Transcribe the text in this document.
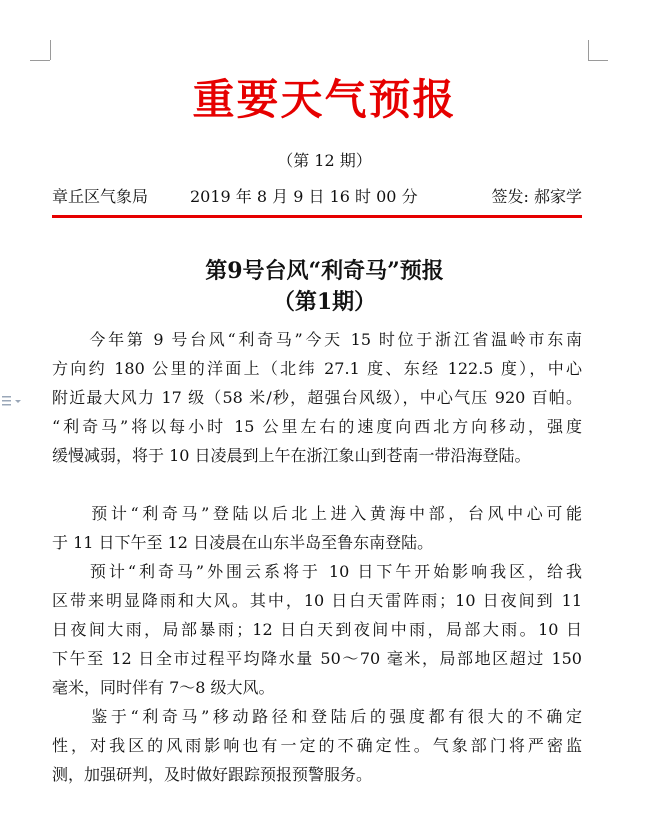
重要天气预报
（第 12 期）
章丘区气象局	2019 年 8 月 9 日 16 时 00 分	签发: 郝家学
第9号台风“利奇马”预报
（第1期）
　　今年第 9 号台风“利奇马”今天 15 时位于浙江省温岭市东南
方向约 180 公里的洋面上（北纬 27.1 度、东经 122.5 度），中心
附近最大风力 17 级（58 米/秒，超强台风级），中心气压 920 百帕。
“利奇马”将以每小时 15 公里左右的速度向西北方向移动，强度
缓慢减弱，将于 10 日凌晨到上午在浙江象山到苍南一带沿海登陆。
　　预计“利奇马”登陆以后北上进入黄海中部，台风中心可能
于 11 日下午至 12 日凌晨在山东半岛至鲁东南登陆。
　　预计“利奇马”外围云系将于 10 日下午开始影响我区，给我
区带来明显降雨和大风。其中，10 日白天雷阵雨；10 日夜间到 11
日夜间大雨，局部暴雨；12 日白天到夜间中雨，局部大雨。10 日
下午至 12 日全市过程平均降水量 50～70 毫米，局部地区超过 150
毫米，同时伴有 7～8 级大风。
　　鉴于“利奇马”移动路径和登陆后的强度都有很大的不确定
性，对我区的风雨影响也有一定的不确定性。气象部门将严密监
测，加强研判，及时做好跟踪预报预警服务。
